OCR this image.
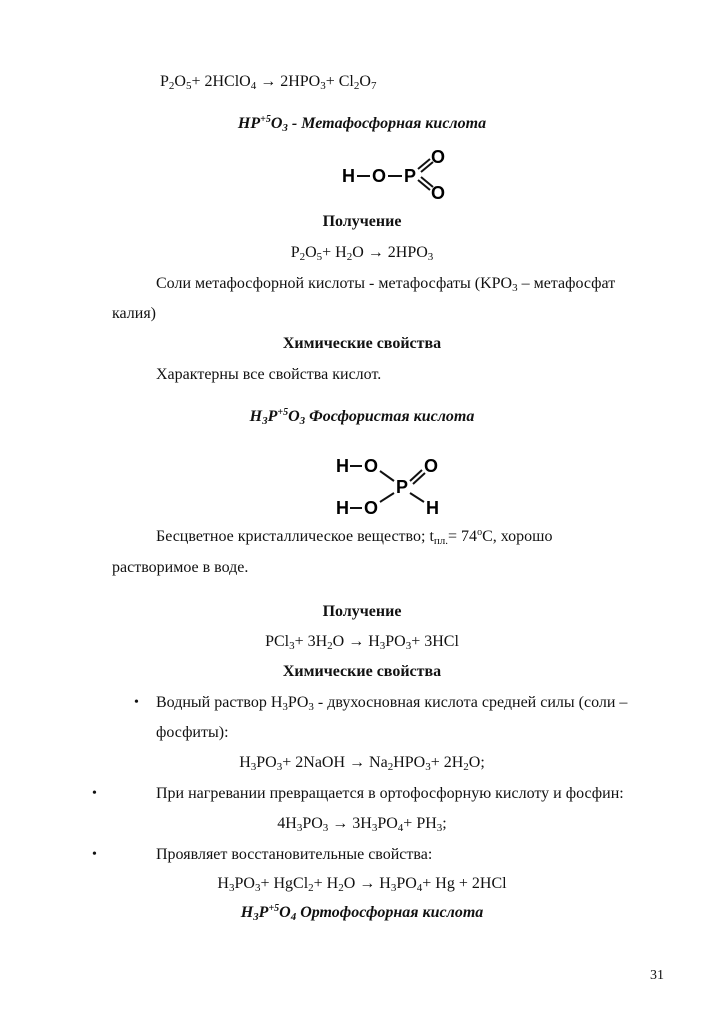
$P_2O_5+$ 2HClO$_4$ → $2HPO_3+ Cl_2O_7$
$HP^{+5}O_3$ - Метафосфорная кислота
H O P
O
O
Получение
$P_2O_5+ H_2O \to 2HPO_3$
Соли метафосфорной кислоты - метафосфаты ($KPO_3$ – метафосфат
калия)
Химические свойства
Характерны все свойства кислот.
$H_3P^{+5}O_3$ Фосфористая кислота
H O
P
O
H
O
H
Бесцветное кристаллическое вещество; $t_{пл.}= 74^oС$, хорошо
растворимое в воде.
Получение
$PCl_3+ 3H_2O \to H_3PO_3+ 3HCl$
Химические свойства
• Водный раствор $H_3PO_3$ - двухосновная кислота средней силы (соли –
фосфиты):
$H_3PO_3+$ 2NaOH → $Na_2HPO_3+ 2H_2O$;
•	При нагревании превращается в ортофосфорную кислоту и фосфин:
$4H_3PO_3 \to 3H_3PO_4+ PH_3$;
•	Проявляет восстановительные свойства:
$H_3PO_3+$ HgCl$_2$+ $H_2O \to H_3PO_4+ Hg + 2HCl$
$H_3P^{+5}O_4$ Ортофосфорная кислота
31
